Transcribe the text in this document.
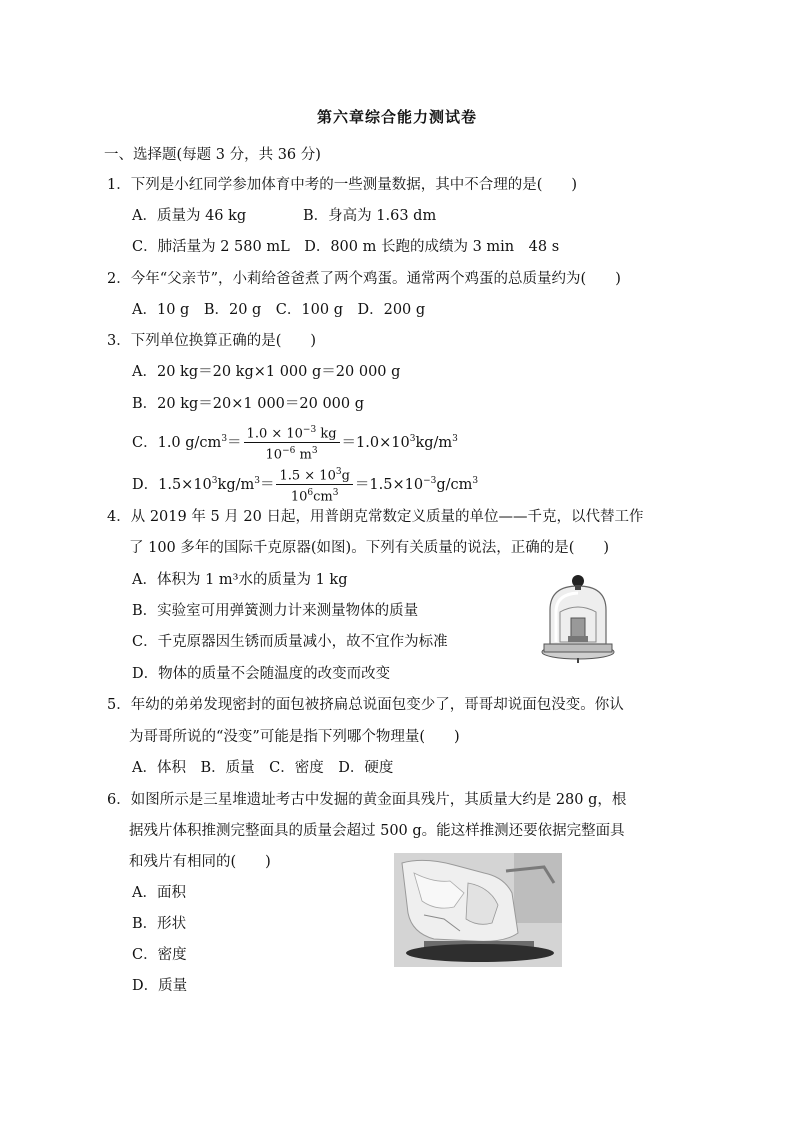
第六章综合能力测试卷
一、选择题(每题 3 分，共 36 分)
1．下列是小红同学参加体育中考的一些测量数据，其中不合理的是(　　)
A．质量为 46 kg	B．身高为 1.63 dm
C．肺活量为 2 580 mL　D．800 m 长跑的成绩为 3 min　48 s
2．今年“父亲节”，小莉给爸爸煮了两个鸡蛋。通常两个鸡蛋的总质量约为(　　)
A．10 g　B．20 g　C．100 g　D．200 g
3．下列单位换算正确的是(　　)
A．20 kg＝20 kg×1 000 g＝20 000 g
B．20 kg＝20×1 000＝20 000 g
C．1.0 $g/cm^3= \frac{1.0 \times 10^{-3} kg}{10^{-6} m^3} =1.0\times 10^3kg/m^3$
D．$1.5\times 10^3kg/m^3= \frac{1.5 \times 10^3g}{10^6cm^3} =1.5\times 10^{-3}g/cm^3$
4．从 2019 年 5 月 20 日起，用普朗克常数定义质量的单位——千克，以代替工作
了 100 多年的国际千克原器(如图)。下列有关质量的说法，正确的是(　　)
A．体积为 1 m³水的质量为 1 kg
B．实验室可用弹簧测力计来测量物体的质量
C．千克原器因生锈而质量减小，故不宜作为标准
D．物体的质量不会随温度的改变而改变
5．年幼的弟弟发现密封的面包被挤扁总说面包变少了，哥哥却说面包没变。你认
为哥哥所说的“没变”可能是指下列哪个物理量(　　)
A．体积　B．质量　C．密度　D．硬度
6．如图所示是三星堆遗址考古中发掘的黄金面具残片，其质量大约是 280 g，根
据残片体积推测完整面具的质量会超过 500 g。能这样推测还要依据完整面具
和残片有相同的(　　)
A．面积
B．形状
C．密度
D．质量
